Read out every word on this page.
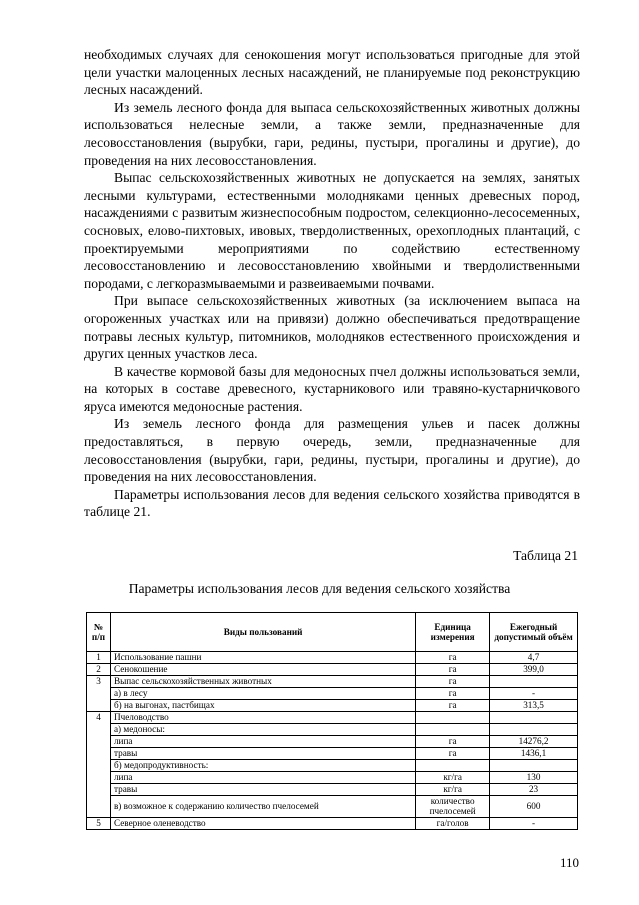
необходимых случаях для сенокошения могут использоваться пригодные для этой цели участки малоценных лесных насаждений, не планируемые под реконструкцию лесных насаждений.

Из земель лесного фонда для выпаса сельскохозяйственных животных должны использоваться нелесные земли, а также земли, предназначенные для лесовосстановления (вырубки, гари, редины, пустыри, прогалины и другие), до проведения на них лесовосстановления.

Выпас сельскохозяйственных животных не допускается на землях, занятых лесными культурами, естественными молодняками ценных древесных пород, насаждениями с развитым жизнеспособным подростом, селекционно-лесосеменных, сосновых, елово-пихтовых, ивовых, твердолиственных, орехоплодных плантаций, с проектируемыми мероприятиями по содействию естественному лесовосстановлению и лесовосстановлению хвойными и твердолиственными породами, с легкоразмываемыми и развеиваемыми почвами.

При выпасе сельскохозяйственных животных (за исключением выпаса на огороженных участках или на привязи) должно обеспечиваться предотвращение потравы лесных культур, питомников, молодняков естественного происхождения и других ценных участков леса.

В качестве кормовой базы для медоносных пчел должны использоваться земли, на которых в составе древесного, кустарникового или травяно-кустарничкового яруса имеются медоносные растения.

Из земель лесного фонда для размещения ульев и пасек должны предоставляться, в первую очередь, земли, предназначенные для лесовосстановления (вырубки, гари, редины, пустыри, прогалины и другие), до проведения на них лесовосстановления.

Параметры использования лесов для ведения сельского хозяйства приводятся в таблице 21.

Таблица 21
Параметры использования лесов для ведения сельского хозяйства
№ п/п	Виды пользований	Единица измерения	Ежегодный допустимый объём
1	Использование пашни	га	4,7
2	Сенокошение	га	399,0
3	Выпас сельскохозяйственных животных	га	
	а) в лесу	га	-
	б) на выгонах, пастбищах	га	313,5
4	Пчеловодство		
	а) медоносы:		
	липа	га	14276,2
	травы	га	1436,1
	б) медопродуктивность:		
	липа	кг/га	130
	травы	кг/га	23
	в) возможное к содержанию количество пчелосемей	количество пчелосемей	600
5	Северное оленеводство	га/голов	-
110
